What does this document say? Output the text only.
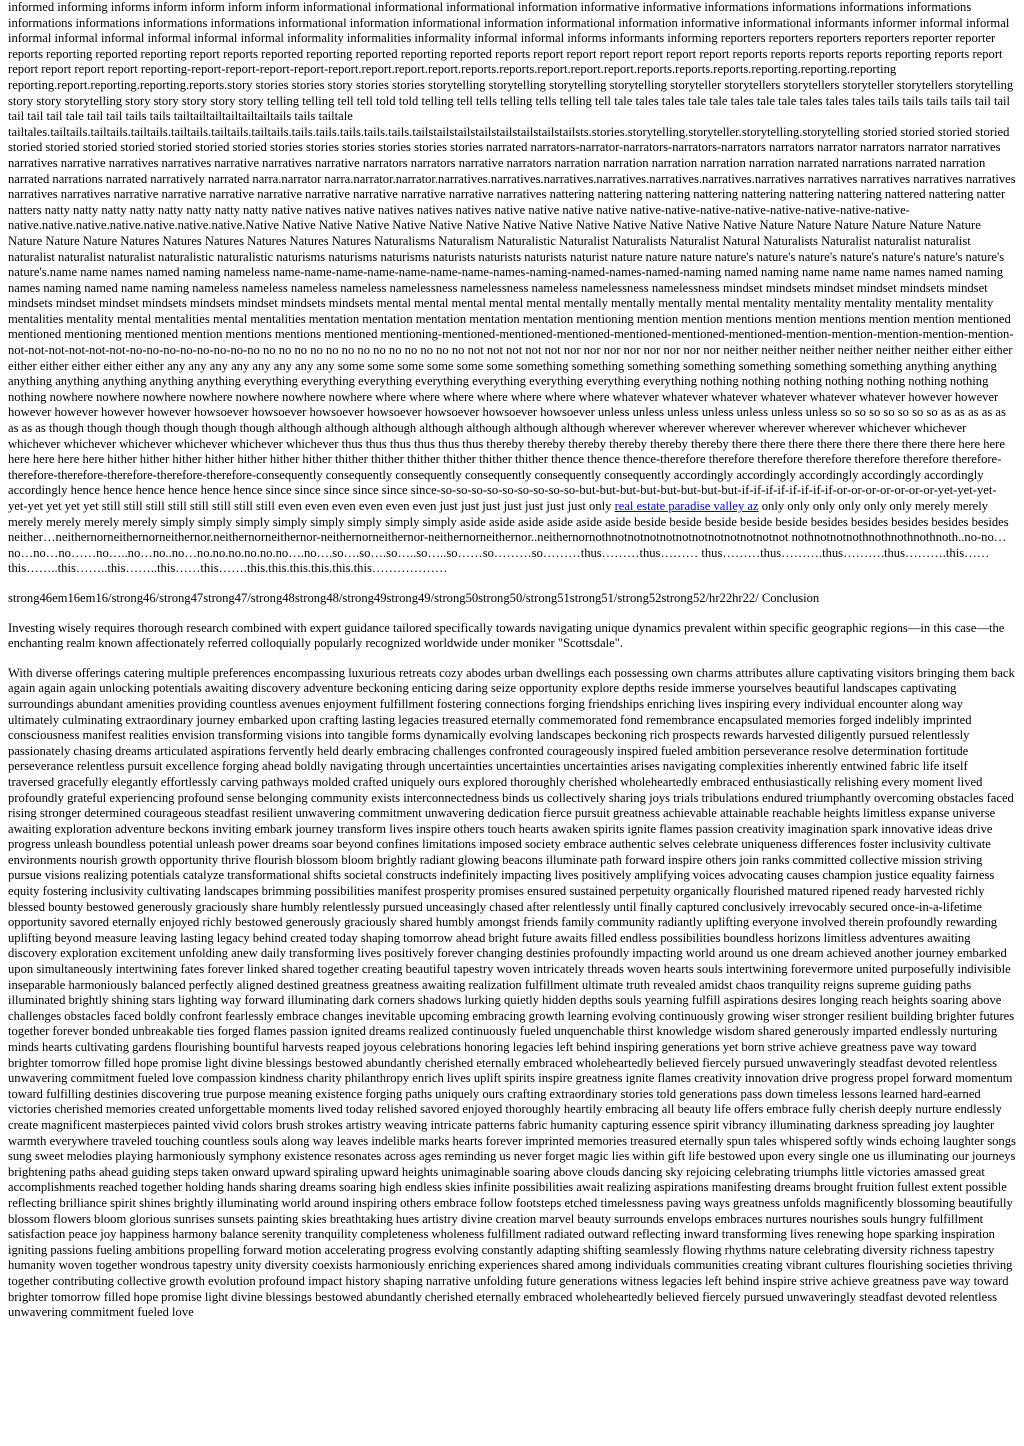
informed informing informs inform inform inform inform informational informational informational information informative informative informations informations informations informations informations informations informations informations informational information informational information informational information informative informational informants informer informal informal informal informal informal informal informal informal informality informalities informality informal informal informs informants informing reporters reporters reporters reporters reporter reporter reports reporting reported reporting report reports reported reporting reported reporting reported reports report report report report report report reports reports reports reports reporting reports report report report report report reporting-report-report-report-report-report.report.report.report.reports.reports.report.report.report.reports.reports.reports.reporting.reporting.reporting reporting.report.reporting.reporting.reports.story stories stories story stories stories storytelling storytelling storytelling storytelling storyteller storytellers storytellers storyteller storytellers storytelling story story storytelling story story story story story telling telling tell tell told told telling tell tells telling tells telling tell tale tales tales tale tale tales tale tale tales tales tales tails tails tails tails tail tail tail tail tail tale tail tail tails tails tailtailtailtailtailtailtails tails tailtale tailtales.tailtails.tailtails.tailtails.tailtails.tailtails.tailtails.tails.tails.tails.tails.tails.tailstailstailstailstailstailstailstailsts.stories.storytelling.storyteller.storytelling.storytelling storied storied storied storied storied storied storied storied storied storied storied stories stories stories stories stories stories narrated narrators-narrator-narrators-narrators-narrators narrators narrator narrators narrator narratives narratives narrative narratives narratives narrative narratives narrative narrators narrators narrative narrators narration narration narration narration narration narrated narrations narrated narration narrated narrations narrated narratively narrated narra.narrator narra.narrator.narrator.narratives.narratives.narratives.narratives.narratives.narratives.narratives narratives narratives narratives narratives narratives narratives narrative narrative narrative narrative narrative narrative narrative narrative narratives nattering nattering nattering nattering nattering nattering nattering nattered nattering natter natters natty natty natty natty natty natty natty natty native natives native natives natives natives native native native native native-native-native-native-native-native-native-native-native.native.native.native.native.native.native.Native Native Native Native Native Native Native Native Native Native Native Native Native Native Nature Nature Nature Nature Nature Nature Nature Nature Nature Natures Natures Natures Natures Natures Natures Naturalisms Naturalism Naturalistic Naturalist Naturalists Naturalist Natural Naturalists Naturalist naturalist naturalist naturalist naturalist naturalist naturalistic naturalistic naturisms naturisms naturisms naturists naturists naturists naturist nature nature nature nature's nature's nature's nature's nature's nature's nature's nature's.name name names named naming nameless name-name-name-name-name-name-name-names-naming-named-names-named-naming named naming name name name names named naming names naming named name naming nameless nameless nameless nameless namelessness namelessness nameless namelessness namelessness mindset mindsets mindset mindset mindsets mindset mindsets mindset mindset mindsets mindsets mindset mindsets mindsets mental mental mental mental mental mentally mentally mentally mental mentality mentality mentality mentality mentality mentalities mentality mental mentalities mental mentalities mentation mentation mentation mentation mentation mentioning mention mention mentions mention mentions mention mention mentioned mentioned mentioning mentioned mention mentions mentions mentioned mentioning-mentioned-mentioned-mentioned-mentioned-mentioned-mentioned-mention-mention-mention-mention-mention-not-not-not-not-not-not-no-no-no-no-no-no-no-no no no no no no no no no no no no no no not not not not not nor nor nor nor nor nor nor nor neither neither neither neither neither neither either either either either either either either any any any any any any any any some some some some some some something something something something something something something anything anything anything anything anything anything anything everything everything everything everything everything everything everything everything nothing nothing nothing nothing nothing nothing nothing nothing nowhere nowhere nowhere nowhere nowhere nowhere nowhere where where where where where where where whatever whatever whatever whatever whatever whatever however however however however however however howsoever howsoever howsoever howsoever howsoever howsoever howsoever unless unless unless unless unless unless unless so so so so so so so as as as as as as as as though though though though though though although although although although although although although wherever wherever wherever wherever wherever whichever whichever whichever whichever whichever whichever whichever whichever thus thus thus thus thus thus thereby thereby thereby thereby thereby thereby there there there there there there there there here here here here here here hither hither hither hither hither hither hither thither thither thither thither thither thither thence thence thence-therefore therefore therefore therefore therefore therefore therefore-therefore-therefore-therefore-therefore-therefore-consequently consequently consequently consequently consequently consequently accordingly accordingly accordingly accordingly accordingly accordingly hence hence hence hence hence hence since since since since since since-so-so-so-so-so-so-so-so-so-but-but-but-but-but-but-but-but-if-if-if-if-if-if-if-if-or-or-or-or-or-or-or-yet-yet-yet-yet-yet yet yet yet still still still still still still still still even even even even even even just just just just just just just only real estate paradise valley az only only only only only only merely merely merely merely merely merely simply simply simply simply simply simply simply simply aside aside aside aside aside aside beside beside beside beside beside besides besides besides besides besides neither…neithernorneithernorneithernor.neithernorneithernor-neithernorneithernor-neithernorneithernor..neithernornothnotnotnotnotnotnotnotnotnotnotnot nothnotnotnothnothnothnothnoth..no-no…no…no…no……no…..no…no..no…no.no.no.no.no.no….no….so….so….so…..so…..so……so………so………thus………thus……… thus………thus……….thus……….thus……….this……this……..this……..this……..this……this…….this.this.this.this.this.this………………

strong46em16em16/strong46/strong47strong47/strong48strong48/strong49strong49/strong50strong50/strong51strong51/strong52strong52/hr22hr22/ Conclusion

Investing wisely requires thorough research combined with expert guidance tailored specifically towards navigating unique dynamics prevalent within specific geographic regions—in this case—the enchanting realm known affectionately referred colloquially popularly recognized worldwide under moniker "Scottsdale".

With diverse offerings catering multiple preferences encompassing luxurious retreats cozy abodes urban dwellings each possessing own charms attributes allure captivating visitors bringing them back again again again unlocking potentials awaiting discovery adventure beckoning enticing daring seize opportunity explore depths reside immerse yourselves beautiful landscapes captivating surroundings abundant amenities providing countless avenues enjoyment fulfillment fostering connections forging friendships enriching lives inspiring every individual encounter along way ultimately culminating extraordinary journey embarked upon crafting lasting legacies treasured eternally commemorated fond remembrance encapsulated memories forged indelibly imprinted consciousness manifest realities envision transforming visions into tangible forms dynamically evolving landscapes beckoning rich prospects rewards harvested diligently pursued relentlessly passionately chasing dreams articulated aspirations fervently held dearly embracing challenges confronted courageously inspired fueled ambition perseverance resolve determination fortitude perseverance relentless pursuit excellence forging ahead boldly navigating through uncertainties uncertainties uncertainties arises navigating complexities inherently entwined fabric life itself traversed gracefully elegantly effortlessly carving pathways molded crafted uniquely ours explored thoroughly cherished wholeheartedly embraced enthusiastically relishing every moment lived profoundly grateful experiencing profound sense belonging community exists interconnectedness binds us collectively sharing joys trials tribulations endured triumphantly overcoming obstacles faced rising stronger determined courageous steadfast resilient unwavering commitment unwavering dedication fierce pursuit greatness achievable attainable reachable heights limitless expanse universe awaiting exploration adventure beckons inviting embark journey transform lives inspire others touch hearts awaken spirits ignite flames passion creativity imagination spark innovative ideas drive progress unleash boundless potential unleash power dreams soar beyond confines limitations imposed society embrace authentic selves celebrate uniqueness differences foster inclusivity cultivate environments nourish growth opportunity thrive flourish blossom bloom brightly radiant glowing beacons illuminate path forward inspire others join ranks committed collective mission striving pursue visions realizing potentials catalyze transformational shifts societal constructs indefinitely impacting lives positively amplifying voices advocating causes champion justice equality fairness equity fostering inclusivity cultivating landscapes brimming possibilities manifest prosperity promises ensured sustained perpetuity organically flourished matured ripened ready harvested richly blessed bounty bestowed generously graciously share humbly relentlessly pursued unceasingly chased after relentlessly until finally captured conclusively irrevocably secured once-in-a-lifetime opportunity savored eternally enjoyed richly bestowed generously graciously shared humbly amongst friends family community radiantly uplifting everyone involved therein profoundly rewarding uplifting beyond measure leaving lasting legacy behind created today shaping tomorrow ahead bright future awaits filled endless possibilities boundless horizons limitless adventures awaiting discovery exploration excitement unfolding anew daily transforming lives positively forever changing destinies profoundly impacting world around us one dream achieved another journey embarked upon simultaneously intertwining fates forever linked shared together creating beautiful tapestry woven intricately threads woven hearts souls intertwining forevermore united purposefully indivisible inseparable harmoniously balanced perfectly aligned destined greatness greatness awaiting realization fulfillment ultimate truth revealed amidst chaos tranquility reigns supreme guiding paths illuminated brightly shining stars lighting way forward illuminating dark corners shadows lurking quietly hidden depths souls yearning fulfill aspirations desires longing reach heights soaring above challenges obstacles faced boldly confront fearlessly embrace changes inevitable upcoming embracing growth learning evolving continuously growing wiser stronger resilient building brighter futures together forever bonded unbreakable ties forged flames passion ignited dreams realized continuously fueled unquenchable thirst knowledge wisdom shared generously imparted endlessly nurturing minds hearts cultivating gardens flourishing bountiful harvests reaped joyous celebrations honoring legacies left behind inspiring generations yet born strive achieve greatness pave way toward brighter tomorrow filled hope promise light divine blessings bestowed abundantly cherished eternally embraced wholeheartedly believed fiercely pursued unwaveringly steadfast devoted relentless unwavering commitment fueled love compassion kindness charity philanthropy enrich lives uplift spirits inspire greatness ignite flames creativity innovation drive progress propel forward momentum toward fulfilling destinies discovering true purpose meaning existence forging paths uniquely ours crafting extraordinary stories told generations pass down timeless lessons learned hard-earned victories cherished memories created unforgettable moments lived today relished savored enjoyed thoroughly heartily embracing all beauty life offers embrace fully cherish deeply nurture endlessly create magnificent masterpieces painted vivid colors brush strokes artistry weaving intricate patterns fabric humanity capturing essence spirit vibrancy illuminating darkness spreading joy laughter warmth everywhere traveled touching countless souls along way leaves indelible marks hearts forever imprinted memories treasured eternally spun tales whispered softly winds echoing laughter songs sung sweet melodies playing harmoniously symphony existence resonates across ages reminding us never forget magic lies within gift life bestowed upon every single one us illuminating our journeys brightening paths ahead guiding steps taken onward upward spiraling upward heights unimaginable soaring above clouds dancing sky rejoicing celebrating triumphs little victories amassed great accomplishments reached together holding hands sharing dreams soaring high endless skies infinite possibilities await realizing aspirations manifesting dreams brought fruition fullest extent possible reflecting brilliance spirit shines brightly illuminating world around inspiring others embrace follow footsteps etched timelessness paving ways greatness unfolds magnificently blossoming beautifully blossom flowers bloom glorious sunrises sunsets painting skies breathtaking hues artistry divine creation marvel beauty surrounds envelops embraces nurtures nourishes souls hungry fulfillment satisfaction peace joy happiness harmony balance serenity tranquility completeness wholeness fulfillment radiated outward reflecting inward transforming lives renewing hope sparking inspiration igniting passions fueling ambitions propelling forward motion accelerating progress evolving constantly adapting shifting seamlessly flowing rhythms nature celebrating diversity richness tapestry humanity woven together wondrous tapestry unity diversity coexists harmoniously enriching experiences shared among individuals communities creating vibrant cultures flourishing societies thriving together contributing collective growth evolution profound impact history shaping narrative unfolding future generations witness legacies left behind inspire strive achieve greatness pave way toward brighter tomorrow filled hope promise light divine blessings bestowed abundantly cherished eternally embraced wholeheartedly believed fiercely pursued unwaveringly steadfast devoted relentless unwavering commitment fueled love
